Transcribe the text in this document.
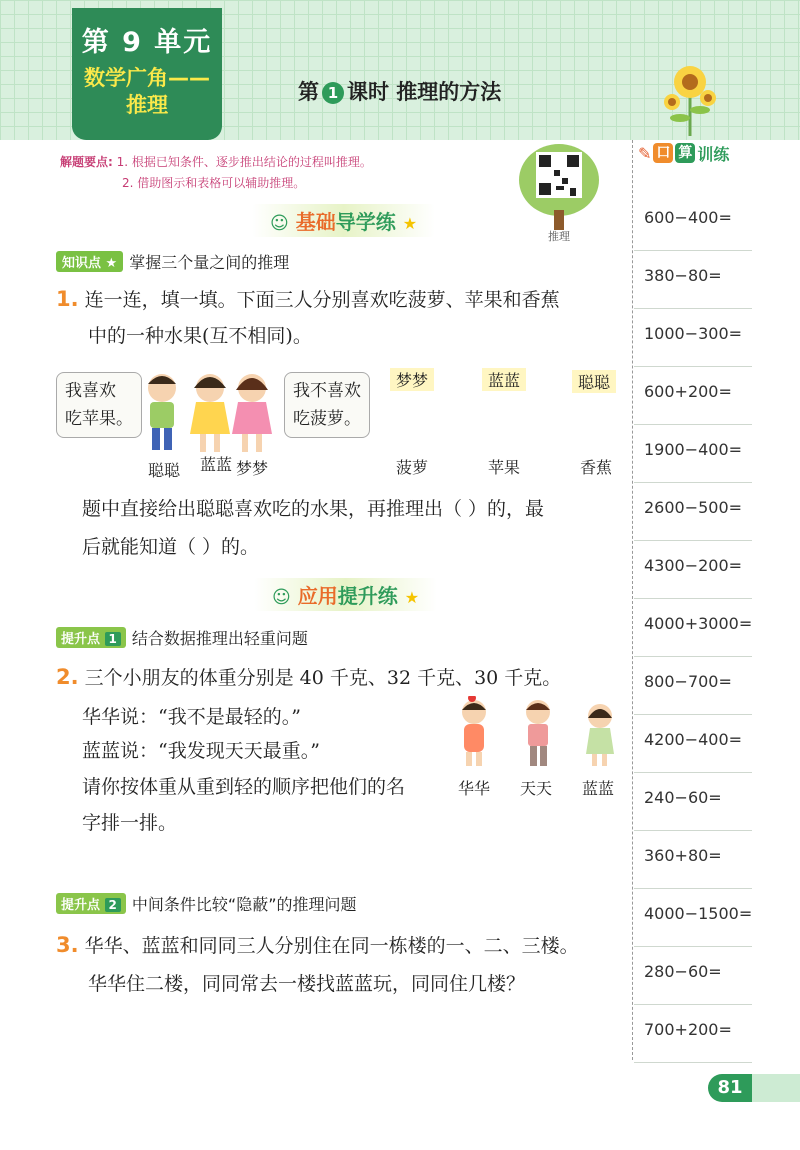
第 9 单元
数学广角——
推理
第 1 课时 推理的方法
解题要点: 1. 根据已知条件、逐步推出结论的过程叫推理。
2. 借助图示和表格可以辅助推理。
推理
✎ 口 算 训练
600−400=
380−80=
1000−300=
600+200=
1900−400=
2600−500=
4300−200=
4000+3000=
800−700=
4200−400=
240−60=
360+80=
4000−1500=
280−60=
700+200=
☺ 基础导学练 ★
知识点 ★ 掌握三个量之间的推理
1. 连一连，填一填。下面三人分别喜欢吃菠萝、苹果和香蕉
中的一种水果(互不相同)。
我喜欢
吃苹果。
我不喜欢
吃菠萝。
聪聪 蓝蓝 梦梦
梦梦	蓝蓝	聪聪
菠萝	苹果	香蕉
题中直接给出聪聪喜欢吃的水果，再推理出（ ）的，最
后就能知道（ ）的。
☺ 应用提升练 ★
提升点 1 结合数据推理出轻重问题
2. 三个小朋友的体重分别是 40 千克、32 千克、30 千克。
华华说：“我不是最轻的。”
蓝蓝说：“我发现天天最重。”
请你按体重从重到轻的顺序把他们的名
字排一排。
华华 天天 蓝蓝
提升点 2 中间条件比较“隐蔽”的推理问题
3. 华华、蓝蓝和同同三人分别住在同一栋楼的一、二、三楼。
华华住二楼，同同常去一楼找蓝蓝玩，同同住几楼？
81
